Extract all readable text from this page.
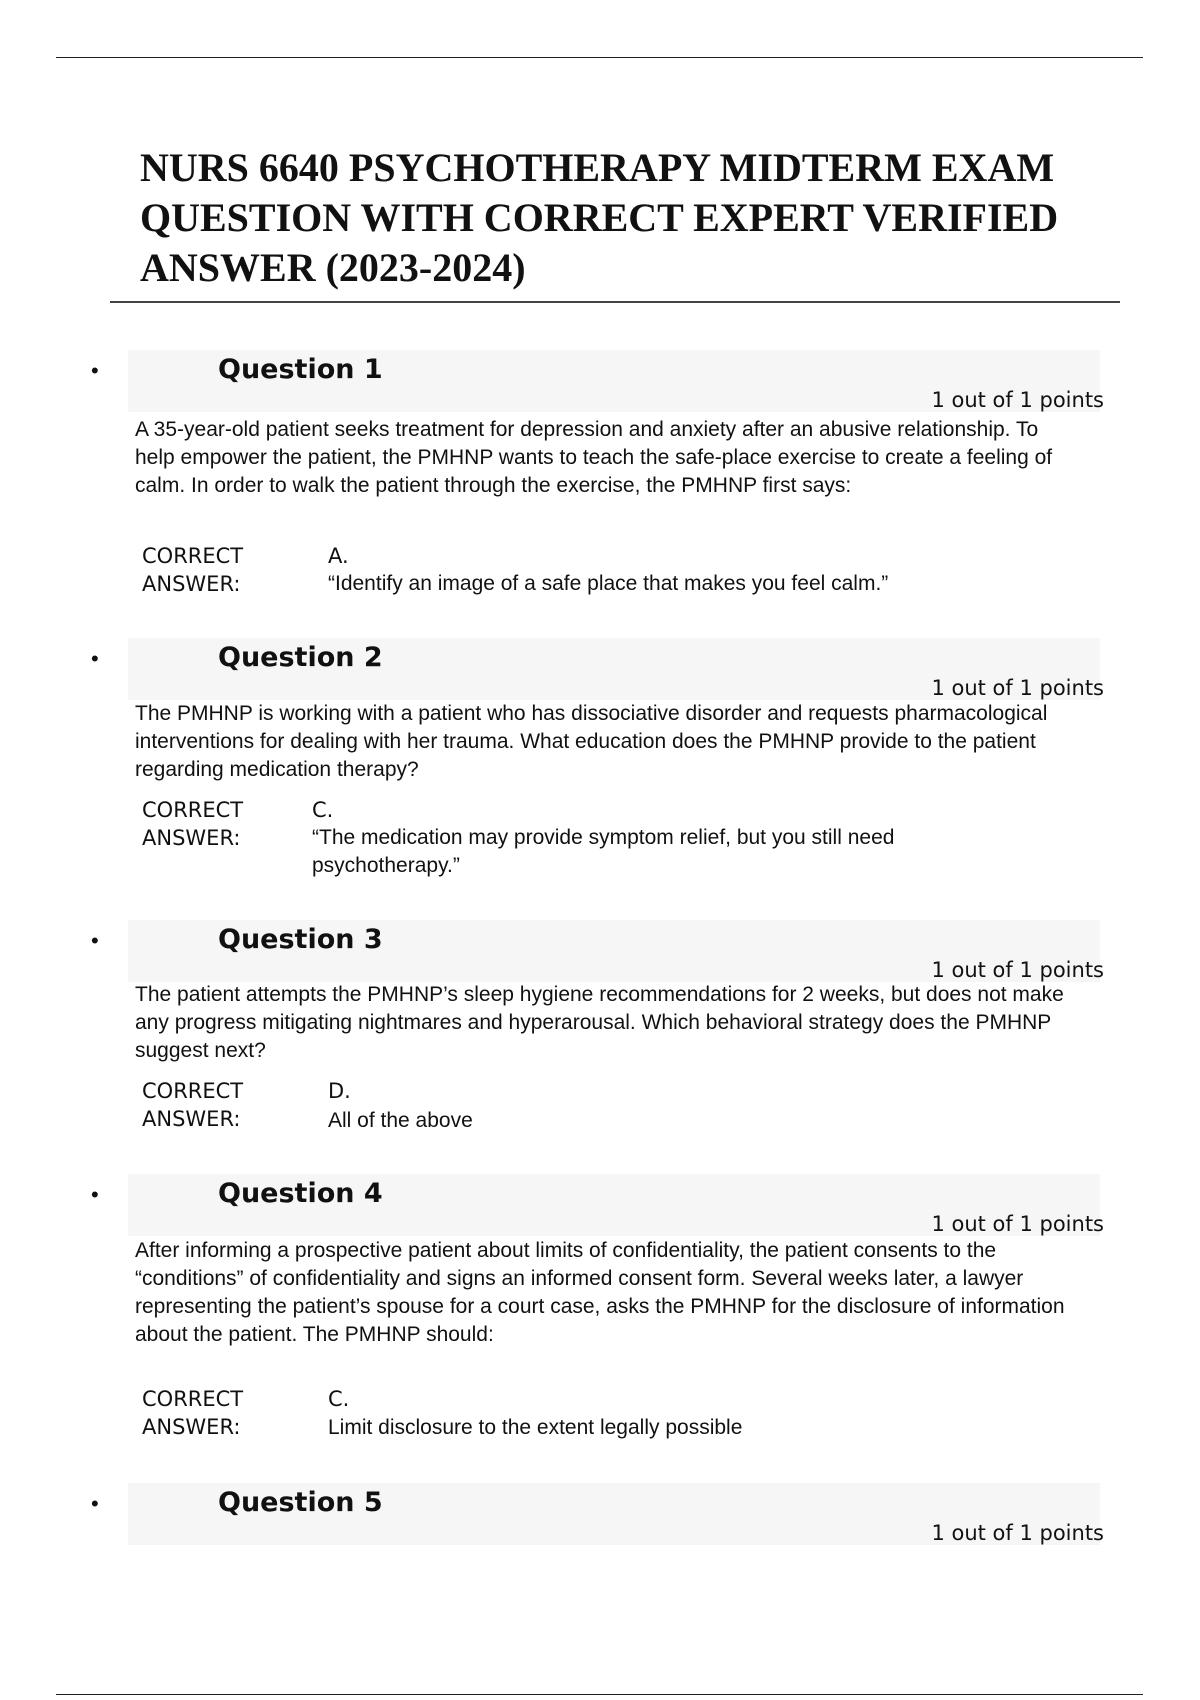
NURS 6640 PSYCHOTHERAPY MIDTERM EXAM QUESTION WITH CORRECT EXPERT VERIFIED ANSWER (2023-2024)
•	Question 1
1 out of 1 points

A 35-year-old patient seeks treatment for depression and anxiety after an abusive relationship. To help empower the patient, the PMHNP wants to teach the safe-place exercise to create a feeling of calm. In order to walk the patient through the exercise, the PMHNP first says:

CORRECT ANSWER:
A.
“Identify an image of a safe place that makes you feel calm.”
•	Question 2
1 out of 1 points

The PMHNP is working with a patient who has dissociative disorder and requests pharmacological interventions for dealing with her trauma. What education does the PMHNP provide to the patient regarding medication therapy?

CORRECT ANSWER:
C.
“The medication may provide symptom relief, but you still need psychotherapy.”
•	Question 3
1 out of 1 points

The patient attempts the PMHNP’s sleep hygiene recommendations for 2 weeks, but does not make any progress mitigating nightmares and hyperarousal. Which behavioral strategy does the PMHNP suggest next?

CORRECT ANSWER:
D.
All of the above
•	Question 4
1 out of 1 points

After informing a prospective patient about limits of confidentiality, the patient consents to the “conditions” of confidentiality and signs an informed consent form. Several weeks later, a lawyer representing the patient’s spouse for a court case, asks the PMHNP for the disclosure of information about the patient. The PMHNP should:

CORRECT ANSWER:
C.
Limit disclosure to the extent legally possible
•	Question 5
1 out of 1 points
